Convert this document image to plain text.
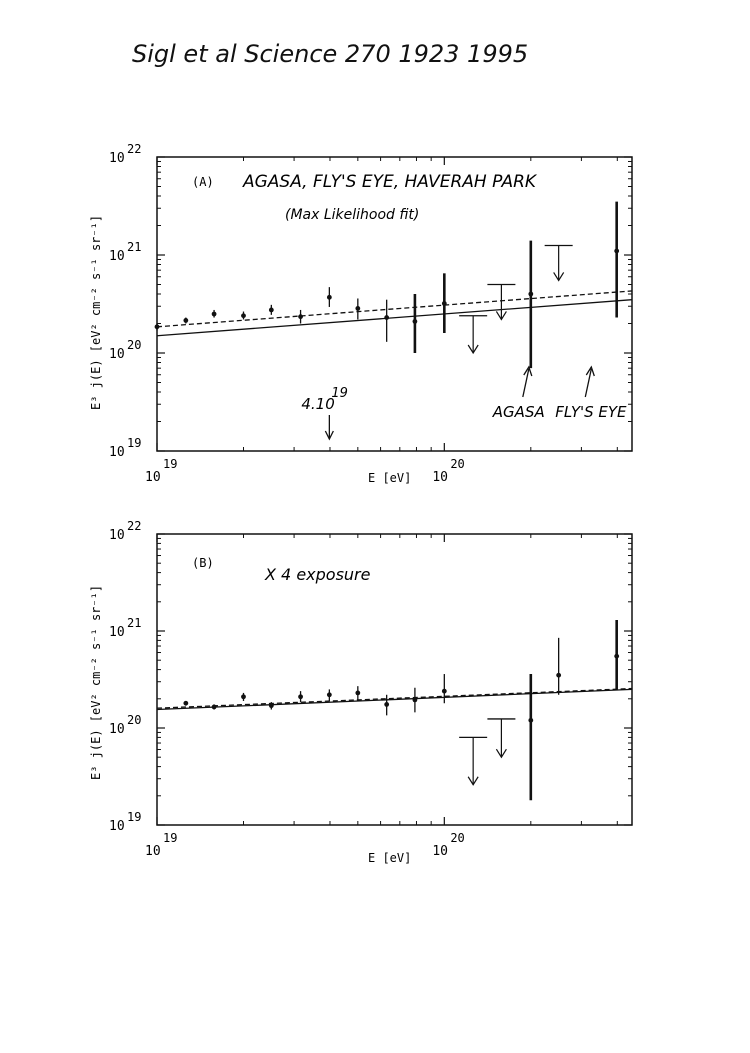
Sigl et al Science 270 1923 1995
(A) AGASA, FLY'S EYE, HAVERAH PARK
(Max Likelihood fit)
E [eV]
E³ j(E) [eV² cm⁻² s⁻¹ sr⁻¹]
10
19
10
20
10
21
10
22
10
19
10
20
4.10
19
AGASA FLY'S EYE
(B)
X 4 exposure
E [eV]
E³ j(E) [eV² cm⁻² s⁻¹ sr⁻¹]
10
19
10
20
10
21
10
22
10
19
10
20
